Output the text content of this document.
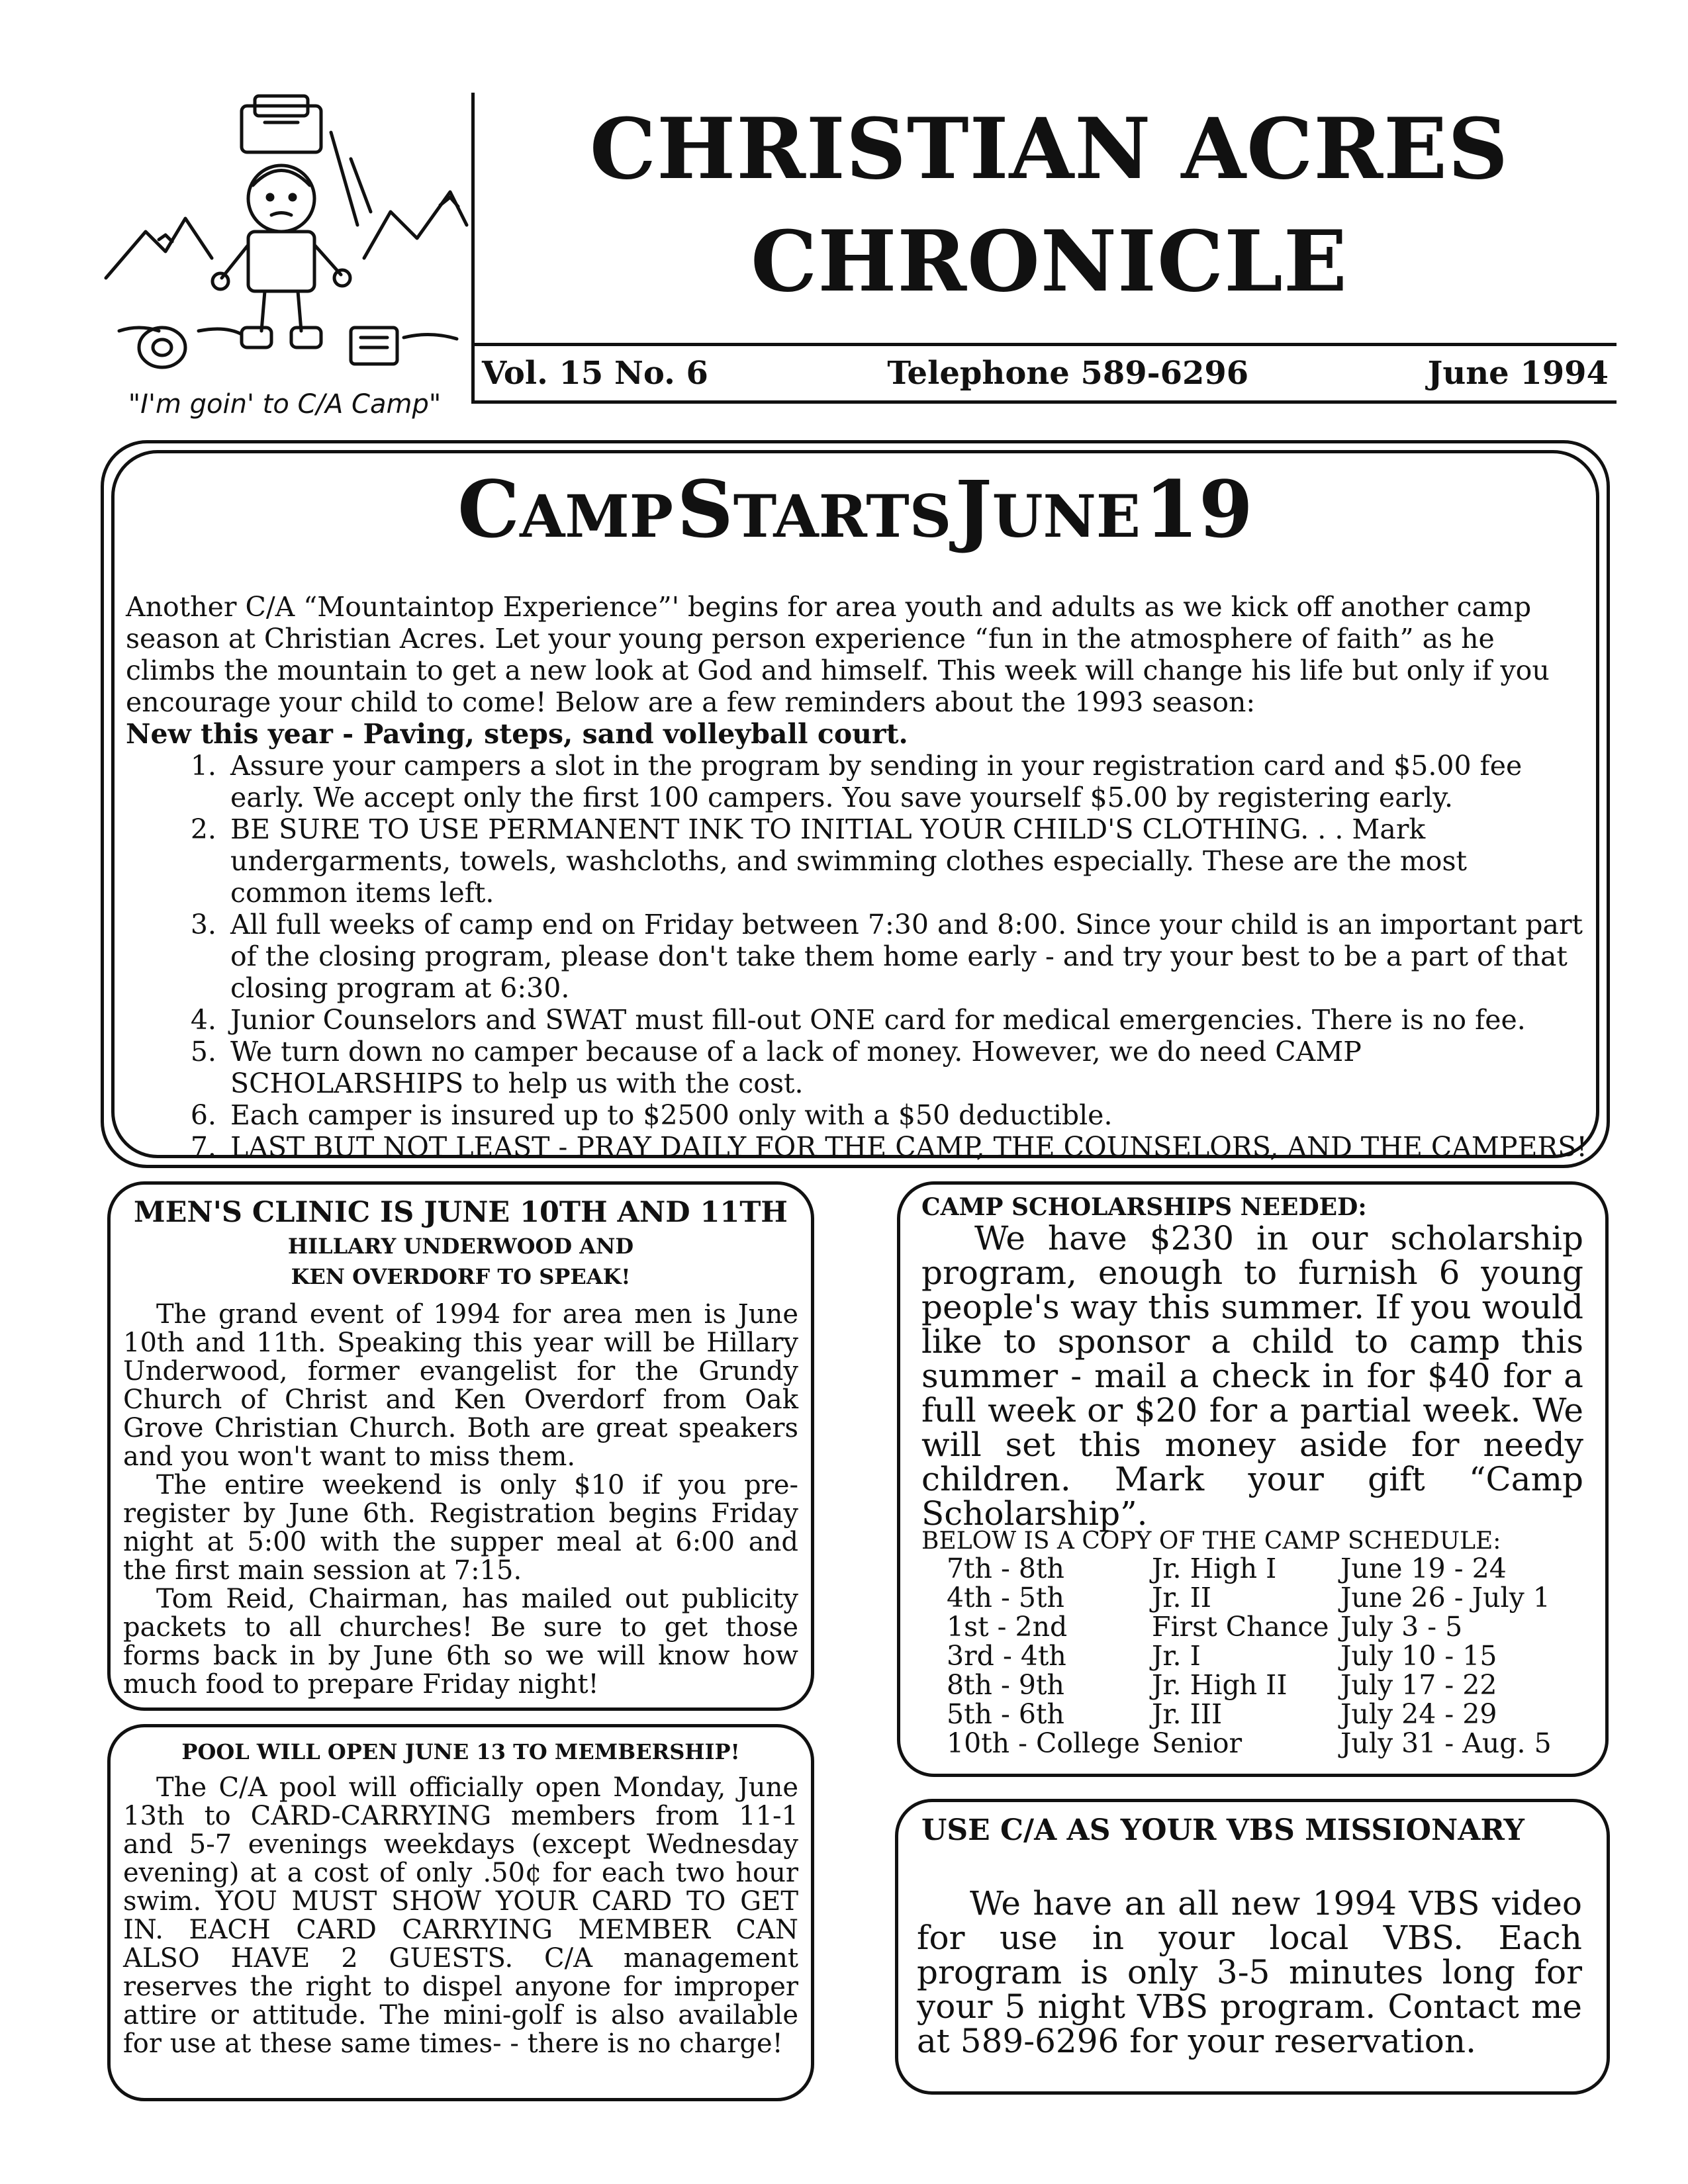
"I'm goin' to C/A Camp"
CHRISTIAN ACRES
CHRONICLE
Vol. 15 No. 6	Telephone 589-6296	June 1994
CAMP STARTS JUNE 19

Another C/A “Mountaintop Experience”' begins for area youth and adults as we kick off another camp season at Christian Acres. Let your young person experience “fun in the atmosphere of faith” as he climbs the mountain to get a new look at God and himself. This week will change his life but only if you encourage your child to come! Below are a few reminders about the 1993 season:

New this year - Paving, steps, sand volleyball court.

1. Assure your campers a slot in the program by sending in your registration card and $5.00 fee early. We accept only the first 100 campers. You save yourself $5.00 by registering early.
2. BE SURE TO USE PERMANENT INK TO INITIAL YOUR CHILD'S CLOTHING. . . Mark undergarments, towels, washcloths, and swimming clothes especially. These are the most common items left.
3. All full weeks of camp end on Friday between 7:30 and 8:00. Since your child is an important part of the closing program, please don't take them home early - and try your best to be a part of that closing program at 6:30.
4. Junior Counselors and SWAT must fill-out ONE card for medical emergencies. There is no fee.
5. We turn down no camper because of a lack of money. However, we do need CAMP SCHOLARSHIPS to help us with the cost.
6. Each camper is insured up to $2500 only with a $50 deductible.
7. LAST BUT NOT LEAST - PRAY DAILY FOR THE CAMP, THE COUNSELORS, AND THE CAMPERS!
MEN'S CLINIC IS JUNE 10TH AND 11TH
HILLARY UNDERWOOD AND
KEN OVERDORF TO SPEAK!

The grand event of 1994 for area men is June 10th and 11th. Speaking this year will be Hillary Underwood, former evangelist for the Grundy Church of Christ and Ken Overdorf from Oak Grove Christian Church. Both are great speakers and you won't want to miss them.

The entire weekend is only $10 if you pre-register by June 6th. Registration begins Friday night at 5:00 with the supper meal at 6:00 and the first main session at 7:15.

Tom Reid, Chairman, has mailed out publicity packets to all churches! Be sure to get those forms back in by June 6th so we will know how much food to prepare Friday night!

POOL WILL OPEN JUNE 13 TO MEMBERSHIP!

The C/A pool will officially open Monday, June 13th to CARD-CARRYING members from 11-1 and 5-7 evenings weekdays (except Wednesday evening) at a cost of only .50¢ for each two hour swim. YOU MUST SHOW YOUR CARD TO GET IN. EACH CARD CARRYING MEMBER CAN ALSO HAVE 2 GUESTS. C/A management reserves the right to dispel anyone for improper attire or attitude. The mini-golf is also available for use at these same times- - there is no charge!

CAMP SCHOLARSHIPS NEEDED:

We have $230 in our scholarship program, enough to furnish 6 young people's way this summer. If you would like to sponsor a child to camp this summer - mail a check in for $40 for a full week or $20 for a partial week. We will set this money aside for needy children. Mark your gift “Camp Scholarship”.

BELOW IS A COPY OF THE CAMP SCHEDULE:
7th - 8th	Jr. High I	June 19 - 24
4th - 5th	Jr. II	June 26 - July 1
1st - 2nd	First Chance	July 3 - 5
3rd - 4th	Jr. I	July 10 - 15
8th - 9th	Jr. High II	July 17 - 22
5th - 6th	Jr. III	July 24 - 29
10th - College	Senior	July 31 - Aug. 5
USE C/A AS YOUR VBS MISSIONARY

We have an all new 1994 VBS video for use in your local VBS. Each program is only 3-5 minutes long for your 5 night VBS program. Contact me at 589-6296 for your reservation.
